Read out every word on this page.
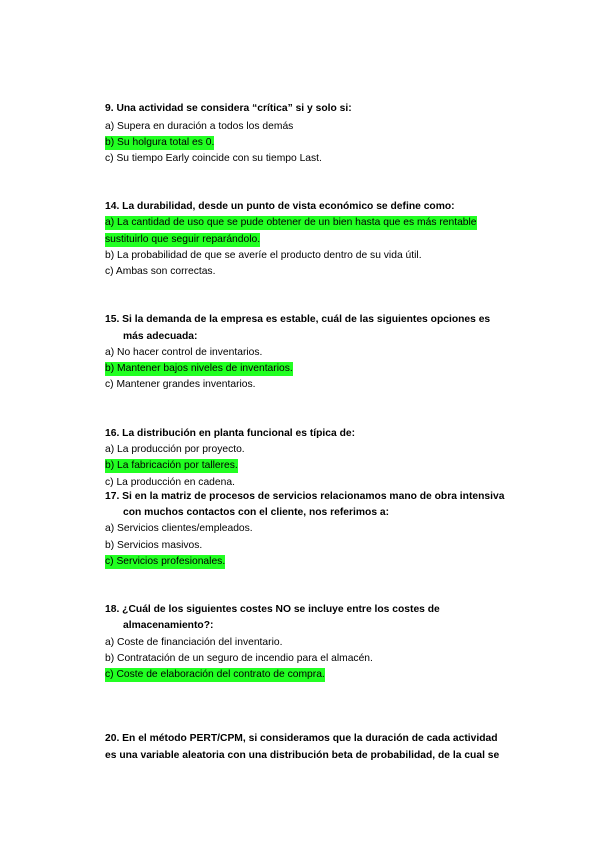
9. Una actividad se considera “crítica” si y solo si:
a) Supera en duración a todos los demás
b) Su holgura total es 0.
c) Su tiempo Early coincide con su tiempo Last.
14. La durabilidad, desde un punto de vista económico se define como:
a) La cantidad de uso que se pude obtener de un bien hasta que es más rentable
sustituirlo que seguir reparándolo.
b) La probabilidad de que se averíe el producto dentro de su vida útil.
c) Ambas son correctas.
15. Si la demanda de la empresa es estable, cuál de las siguientes opciones es
más adecuada:
a) No hacer control de inventarios.
b) Mantener bajos niveles de inventarios.
c) Mantener grandes inventarios.
16. La distribución en planta funcional es típica de:
a) La producción por proyecto.
b) La fabricación por talleres.
c) La producción en cadena.
17. Si en la matriz de procesos de servicios relacionamos mano de obra intensiva
con muchos contactos con el cliente, nos referimos a:
a) Servicios clientes/empleados.
b) Servicios masivos.
c) Servicios profesionales.
18. ¿Cuál de los siguientes costes NO se incluye entre los costes de
almacenamiento?:
a) Coste de financiación del inventario.
b) Contratación de un seguro de incendio para el almacén.
c) Coste de elaboración del contrato de compra.
20. En el método PERT/CPM, si consideramos que la duración de cada actividad
es una variable aleatoria con una distribución beta de probabilidad, de la cual se
